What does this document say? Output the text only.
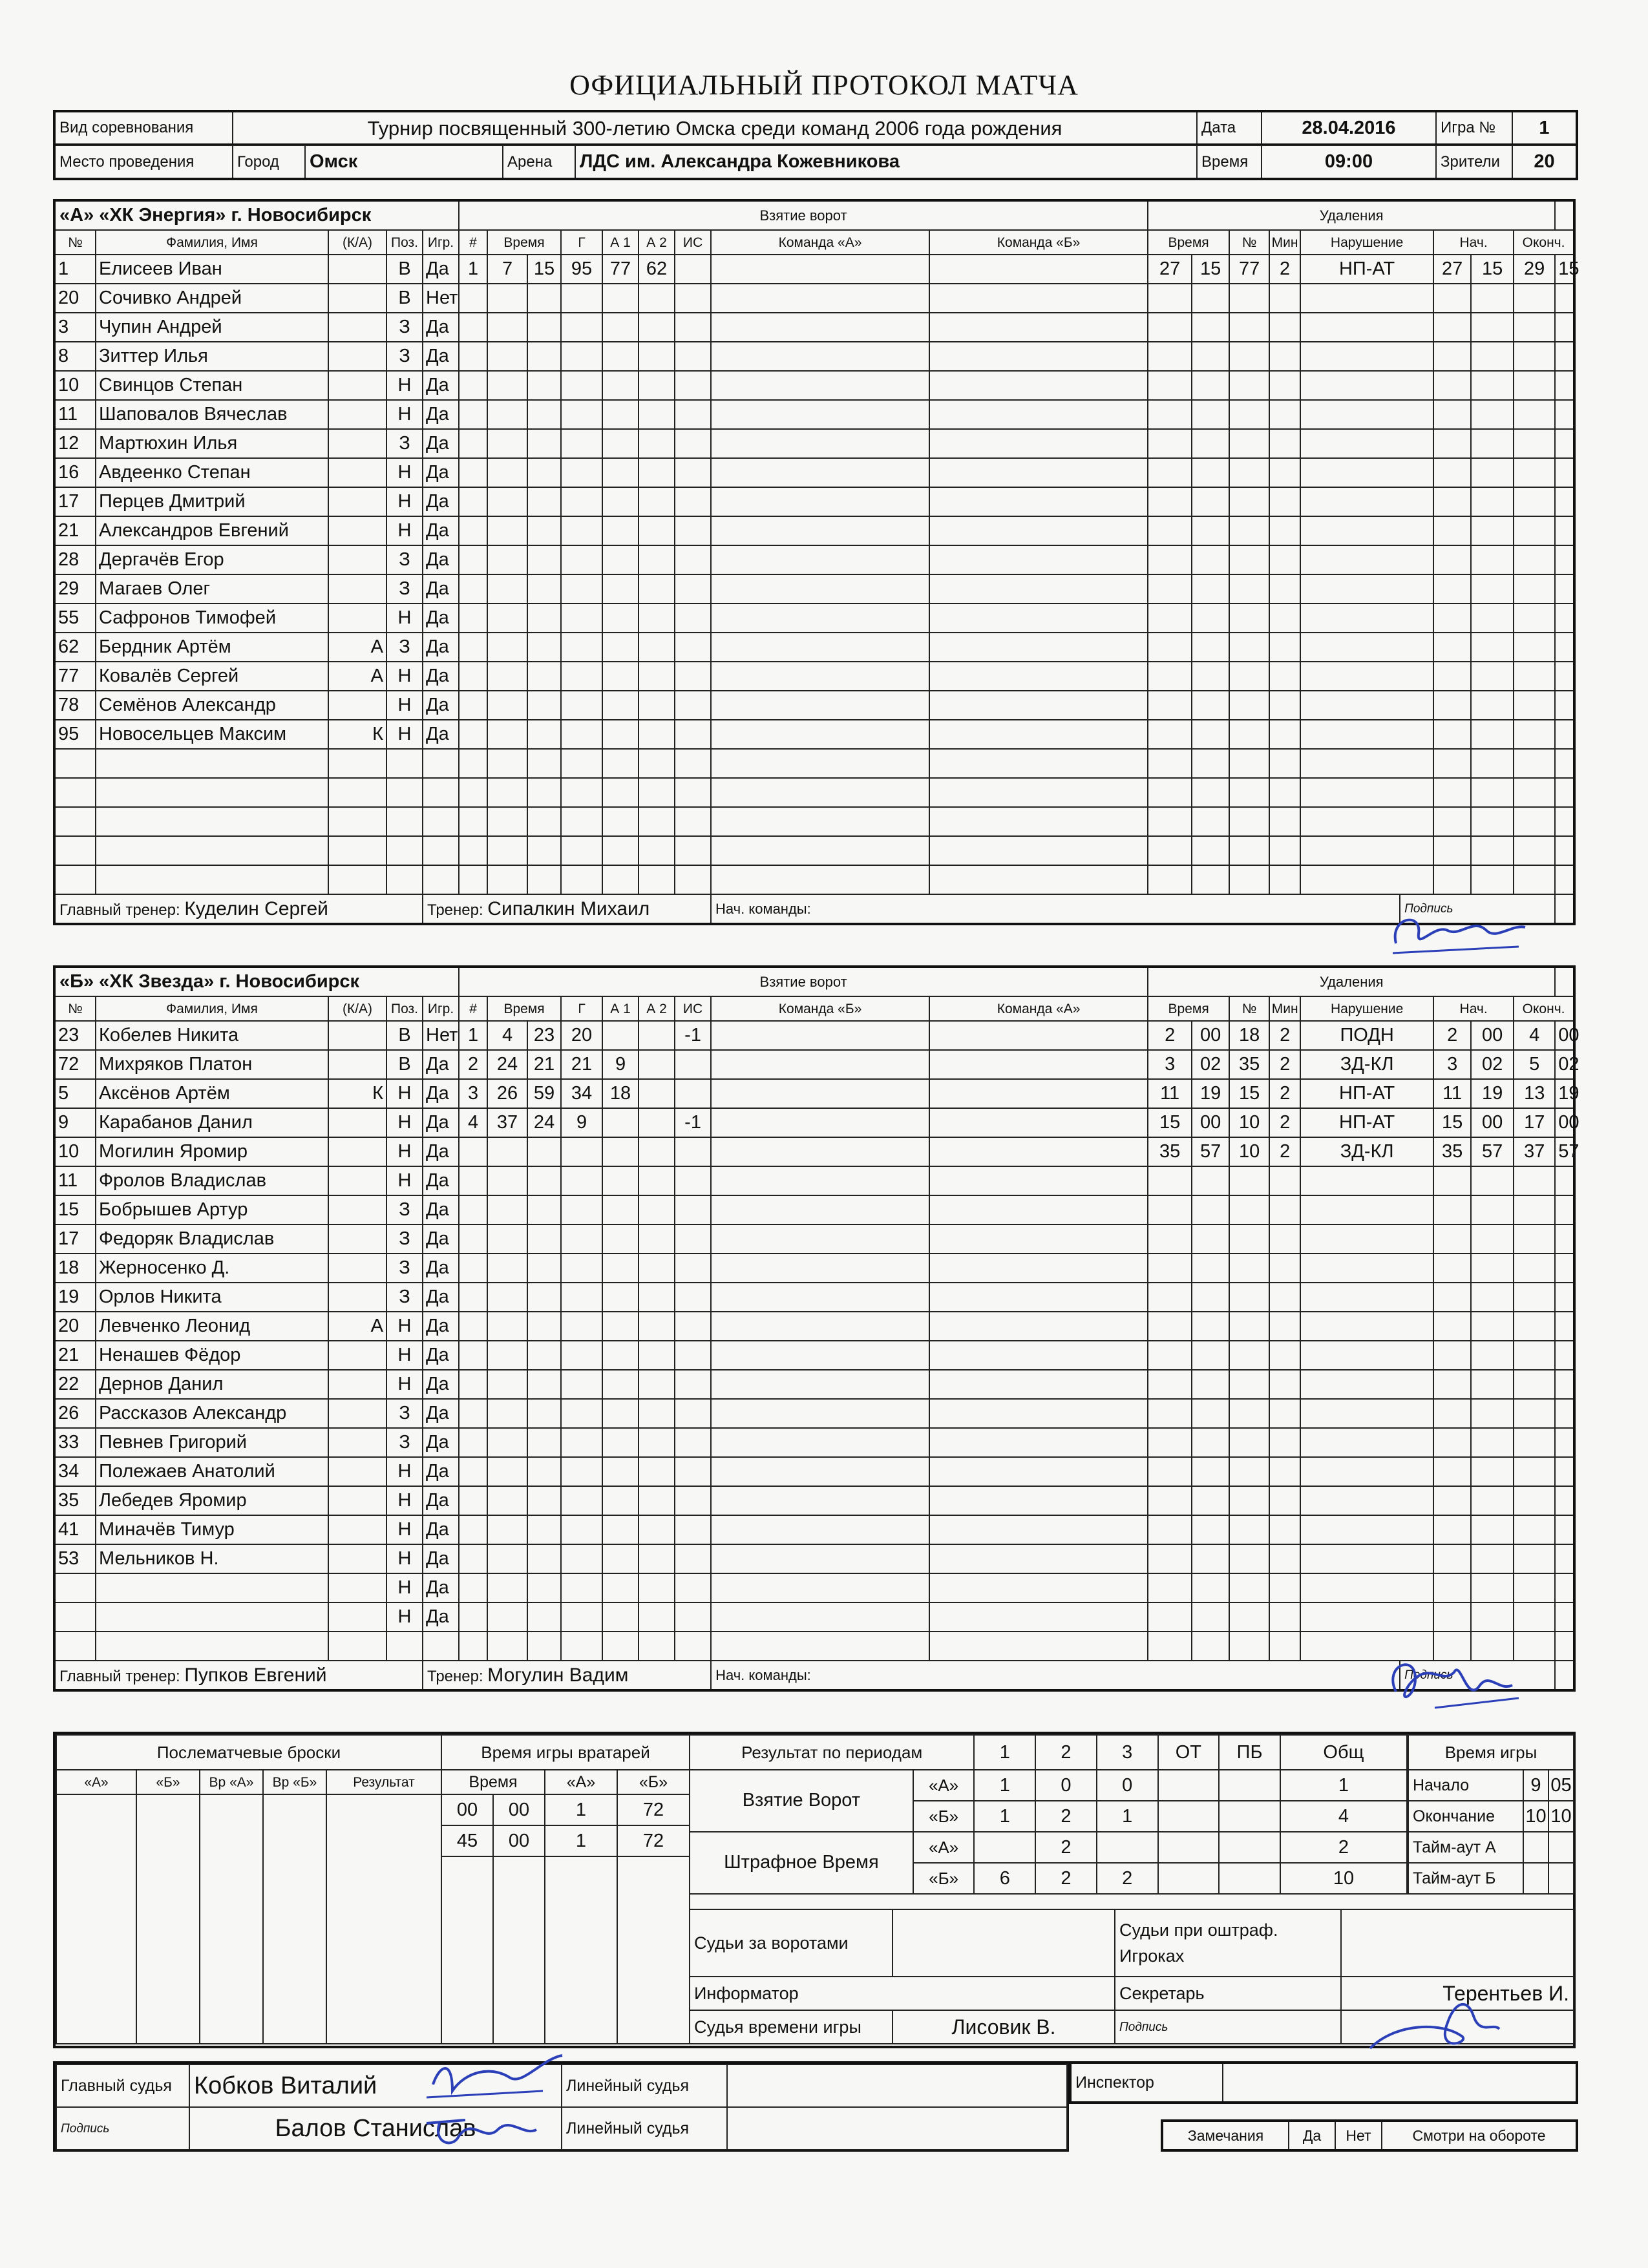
ОФИЦИАЛЬНЫЙ ПРОТОКОЛ МАТЧА
Вид соревнования	Турнир посвященный 300-летию Омска среди команд 2006 года рождения	Дата	28.04.2016	Игра №	1
Место проведения	Город	Омск	Арена	ЛДС им. Александра Кожевникова	Время	09:00	Зрители	20
«А» «ХК Энергия» г. Новосибирск					Взятие ворот									Удаления									
№	Фамилия, Имя	(К/А)	Поз.	Игр.	#	Время		Г	А 1	А 2	ИС	Команда «А»	Команда «Б»	Время		№	Мин	Нарушение		Нач.		Оконч.	
1	Елисеев Иван		В	Да	1	7	15	95	77	62				27	15	77	2	НП-АТ		27	15	29	15
20	Сочивко Андрей		В	Нет																			
3	Чупин Андрей		З	Да																			
8	Зиттер Илья		З	Да																			
10	Свинцов Степан		Н	Да																			
11	Шаповалов Вячеслав		Н	Да																			
12	Мартюхин Илья		З	Да																			
16	Авдеенко Степан		Н	Да																			
17	Перцев Дмитрий		Н	Да																			
21	Александров Евгений		Н	Да																			
28	Дергачёв Егор		З	Да																			
29	Магаев Олег		З	Да																			
55	Сафронов Тимофей		Н	Да																			
62	Бердник Артём	А	З	Да																			
77	Ковалёв Сергей	А	Н	Да																			
78	Семёнов Александр		Н	Да																			
95	Новосельцев Максим	К	Н	Да																			

Главный тренер: Куделин Сергей				Тренер: Сипалкин Михаил								Нач. команды:							Подпись				
«Б» «ХК Звезда» г. Новосибирск					Взятие ворот									Удаления									
№	Фамилия, Имя	(К/А)	Поз.	Игр.	#	Время		Г	А 1	А 2	ИС	Команда «Б»	Команда «А»	Время		№	Мин	Нарушение		Нач.		Оконч.	
23	Кобелев Никита		В	Нет	1	4	23	20			-1			2	00	18	2	ПОДН		2	00	4	00
72	Михряков Платон		В	Да	2	24	21	21	9					3	02	35	2	ЗД-КЛ		3	02	5	02
5	Аксёнов Артём	К	Н	Да	3	26	59	34	18					11	19	15	2	НП-АТ		11	19	13	19
9	Карабанов Данил		Н	Да	4	37	24	9			-1			15	00	10	2	НП-АТ		15	00	17	00
10	Могилин Яромир		Н	Да										35	57	10	2	ЗД-КЛ		35	57	37	57
11	Фролов Владислав		Н	Да																			
15	Бобрышев Артур		З	Да																			
17	Федоряк Владислав		З	Да																			
18	Жерносенко Д.		З	Да																			
19	Орлов Никита		З	Да																			
20	Левченко Леонид	А	Н	Да																			
21	Ненашев Фёдор		Н	Да																			
22	Дернов Данил		Н	Да																			
26	Рассказов Александр		З	Да																			
33	Певнев Григорий		З	Да																			
34	Полежаев Анатолий		Н	Да																			
35	Лебедев Яромир		Н	Да																			
41	Миначёв Тимур		Н	Да																			
53	Мельников Н.		Н	Да																			
			Н	Да																			
			Н	Да																			

Главный тренер: Пупков Евгений				Тренер: Могулин Вадим								Нач. команды:							Подпись				
Послематчевые броски				
«А»	«Б»	Вр «А»	Вр «Б»	Результат

Время игры вратарей			
Время		«А»	«Б»
00	00	1	72
45	00	1	72

Результат по периодам		1	2	3	ОТ	ПБ	Общ
Взятие Ворот	«А»	1	0	0			1
	«Б»	1	2	1			4
Штрафное Время	«А»		2				2
	«Б»	6	2	2			10
Время игры		
Начало	9	05
Окончание	10	10
Тайм-аут А		
Тайм-аут Б		
Судьи за воротами		Судьи при оштраф. Игроках	
Информатор		Секретарь	Терентьев И.
Судья времени игры	Лисовик В.	Подпись	
Главный судья	Кобков Виталий	Линейный судья	
Подпись	Балов Станислав	Линейный судья	
Инспектор	
Замечания	Да	Нет	Смотри на обороте
